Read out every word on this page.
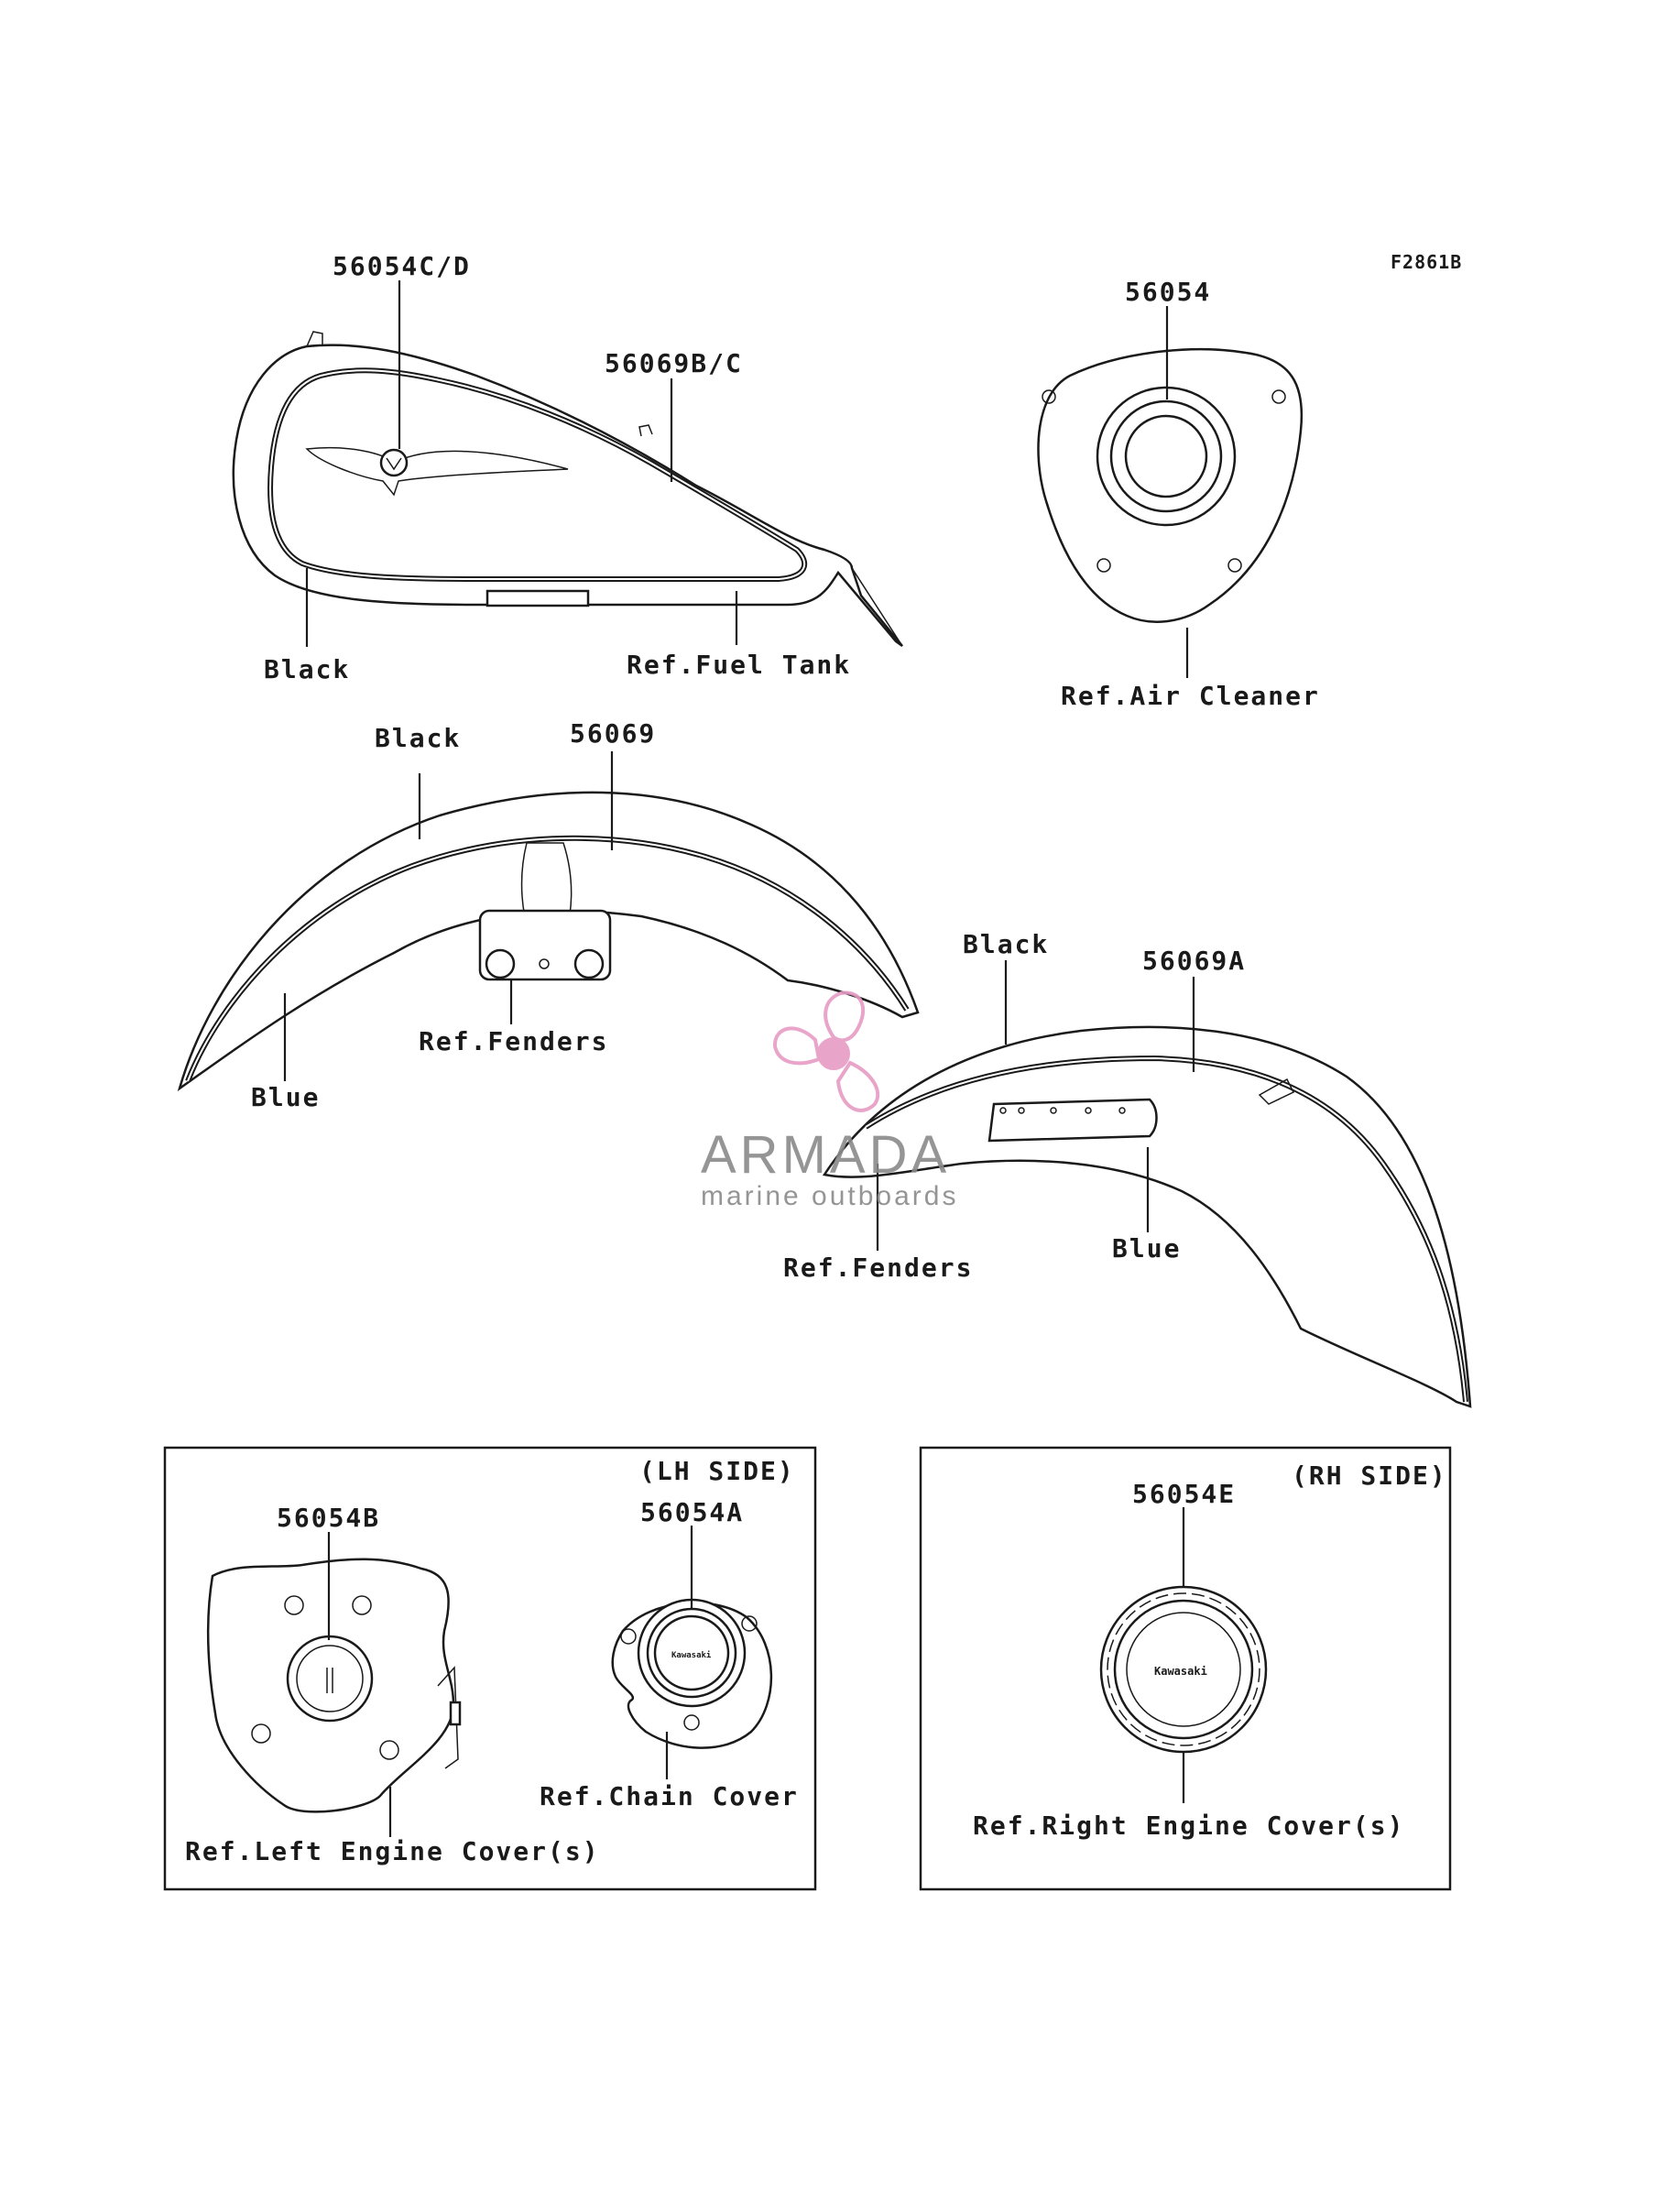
F2861B
56054C/D
56069B/C
Black	Ref.Fuel Tank
56054
Ref.Air Cleaner
Black	56069
Ref.Fenders
Blue
Black
56069A
Ref.Fenders
Blue
(LH SIDE)
56054B
Ref.Left Engine Cover(s)
Kawasaki
56054A
Ref.Chain Cover
(RH SIDE)
Kawasaki
56054E
Ref.Right Engine Cover(s)
ARMADA
marine outboards
